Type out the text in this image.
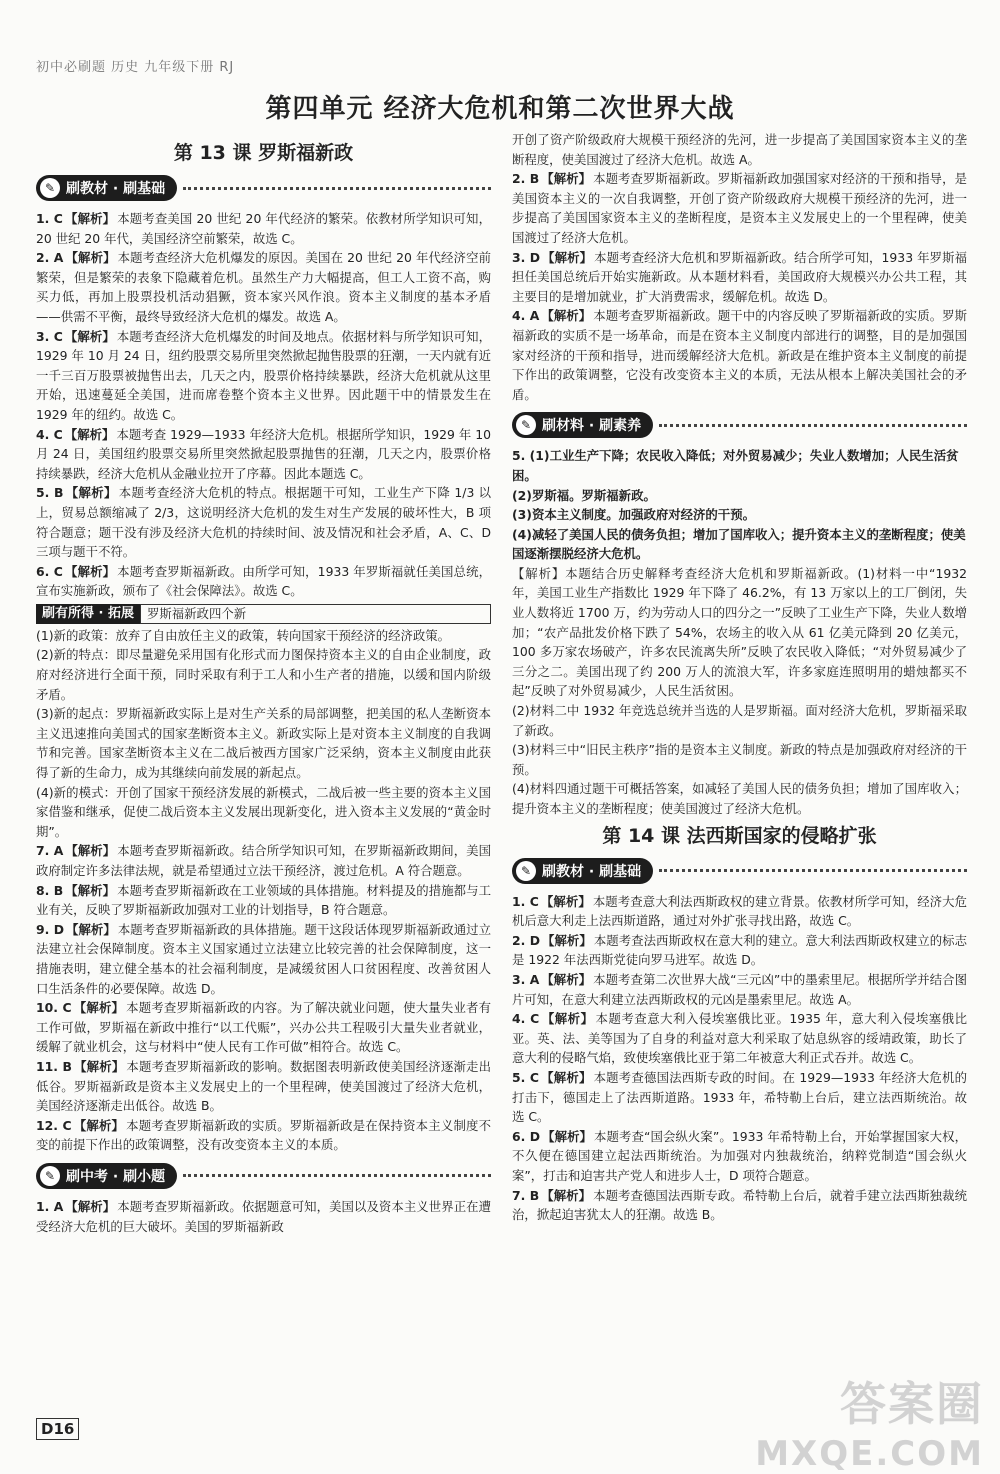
初中必刷题 历史 九年级下册 RJ
第四单元 经济大危机和第二次世界大战
第 13 课 罗斯福新政
✎ 刷教材 · 刷基础

1. C 【解析】 本题考查美国 20 世纪 20 年代经济的繁荣。依教材所学知识可知，20 世纪 20 年代，美国经济空前繁荣，故选 C。

2. A 【解析】 本题考查经济大危机爆发的原因。美国在 20 世纪 20 年代经济空前繁荣，但是繁荣的表象下隐藏着危机。虽然生产力大幅提高，但工人工资不高，购买力低，再加上股票投机活动猖獗，资本家兴风作浪。资本主义制度的基本矛盾——供需不平衡，最终导致经济大危机的爆发。故选 A。

3. C 【解析】 本题考查经济大危机爆发的时间及地点。依据材料与所学知识可知，1929 年 10 月 24 日，纽约股票交易所里突然掀起抛售股票的狂潮，一天内就有近一千三百万股票被抛售出去，几天之内，股票价格持续暴跌，经济大危机就从这里开始，迅速蔓延全美国，进而席卷整个资本主义世界。因此题干中的情景发生在 1929 年的纽约。故选 C。

4. C 【解析】 本题考查 1929—1933 年经济大危机。根据所学知识，1929 年 10 月 24 日，美国纽约股票交易所里突然掀起股票抛售的狂潮，几天之内，股票价格持续暴跌，经济大危机从金融业拉开了序幕。因此本题选 C。

5. B 【解析】 本题考查经济大危机的特点。根据题干可知，工业生产下降 1/3 以上，贸易总额缩减了 2/3，这说明经济大危机的发生对生产发展的破坏性大，B 项符合题意；题干没有涉及经济大危机的持续时间、波及情况和社会矛盾，A、C、D 三项与题干不符。

6. C 【解析】 本题考查罗斯福新政。由所学可知，1933 年罗斯福就任美国总统，宣布实施新政，颁布了《社会保障法》。故选 C。

刷有所得 · 拓展	罗斯福新政四个新

(1)新的政策：放弃了自由放任主义的政策，转向国家干预经济的经济政策。

(2)新的特点：即尽量避免采用国有化形式而力图保持资本主义的自由企业制度，政府对经济进行全面干预，同时采取有利于工人和小生产者的措施，以缓和国内阶级矛盾。

(3)新的起点：罗斯福新政实际上是对生产关系的局部调整，把美国的私人垄断资本主义迅速推向美国式的国家垄断资本主义。新政实际上是对资本主义制度的自我调节和完善。国家垄断资本主义在二战后被西方国家广泛采纳，资本主义制度由此获得了新的生命力，成为其继续向前发展的新起点。

(4)新的模式：开创了国家干预经济发展的新模式，二战后被一些主要的资本主义国家借鉴和继承，促使二战后资本主义发展出现新变化，进入资本主义发展的“黄金时期”。

7. A 【解析】 本题考查罗斯福新政。结合所学知识可知，在罗斯福新政期间，美国政府制定许多法律法规，就是希望通过立法干预经济，渡过危机。A 符合题意。

8. B 【解析】 本题考查罗斯福新政在工业领域的具体措施。材料提及的措施都与工业有关，反映了罗斯福新政加强对工业的计划指导，B 符合题意。

9. D 【解析】 本题考查罗斯福新政的具体措施。题干这段话体现罗斯福新政通过立法建立社会保障制度。资本主义国家通过立法建立比较完善的社会保障制度，这一措施表明，建立健全基本的社会福利制度，是减缓贫困人口贫困程度、改善贫困人口生活条件的必要保障。故选 D。

10. C 【解析】 本题考查罗斯福新政的内容。为了解决就业问题，使大量失业者有工作可做，罗斯福在新政中推行“以工代赈”，兴办公共工程吸引大量失业者就业，缓解了就业机会，这与材料中“使人民有工作可做”相符合。故选 C。

11. B 【解析】 本题考查罗斯福新政的影响。数据图表明新政使美国经济逐渐走出低谷。罗斯福新政是资本主义发展史上的一个里程碑，使美国渡过了经济大危机，美国经济逐渐走出低谷。故选 B。

12. C 【解析】 本题考查罗斯福新政的实质。罗斯福新政是在保持资本主义制度不变的前提下作出的政策调整，没有改变资本主义的本质。

✎ 刷中考 · 刷小题

1. A 【解析】 本题考查罗斯福新政。依据题意可知，美国以及资本主义世界正在遭受经济大危机的巨大破坏。美国的罗斯福新政

开创了资产阶级政府大规模干预经济的先河，进一步提高了美国国家资本主义的垄断程度，使美国渡过了经济大危机。故选 A。

2. B 【解析】 本题考查罗斯福新政。罗斯福新政加强国家对经济的干预和指导，是美国资本主义的一次自我调整，开创了资产阶级政府大规模干预经济的先河，进一步提高了美国国家资本主义的垄断程度，是资本主义发展史上的一个里程碑，使美国渡过了经济大危机。

3. D 【解析】 本题考查经济大危机和罗斯福新政。结合所学可知，1933 年罗斯福担任美国总统后开始实施新政。从本题材料看，美国政府大规模兴办公共工程，其主要目的是增加就业，扩大消费需求，缓解危机。故选 D。

4. A 【解析】 本题考查罗斯福新政。题干中的内容反映了罗斯福新政的实质。罗斯福新政的实质不是一场革命，而是在资本主义制度内部进行的调整，目的是加强国家对经济的干预和指导，进而缓解经济大危机。新政是在维护资本主义制度的前提下作出的政策调整，它没有改变资本主义的本质，无法从根本上解决美国社会的矛盾。

✎ 刷材料 · 刷素养

5. (1)工业生产下降；农民收入降低；对外贸易减少；失业人数增加；人民生活贫困。

(2)罗斯福。罗斯福新政。

(3)资本主义制度。加强政府对经济的干预。

(4)减轻了美国人民的债务负担；增加了国库收入；提升资本主义的垄断程度；使美国逐渐摆脱经济大危机。

【解析】本题结合历史解释考查经济大危机和罗斯福新政。(1)材料一中“1932 年，美国工业生产指数比 1929 年下降了 46.2%，有 13 万家以上的工厂倒闭，失业人数将近 1700 万，约为劳动人口的四分之一”反映了工业生产下降，失业人数增加；“农产品批发价格下跌了 54%，农场主的收入从 61 亿美元降到 20 亿美元，100 多万家农场破产，许多农民流离失所”反映了农民收入降低；“对外贸易减少了三分之二。美国出现了约 200 万人的流浪大军，许多家庭连照明用的蜡烛都买不起”反映了对外贸易减少，人民生活贫困。

(2)材料二中 1932 年竞选总统并当选的人是罗斯福。面对经济大危机，罗斯福采取了新政。

(3)材料三中“旧民主秩序”指的是资本主义制度。新政的特点是加强政府对经济的干预。

(4)材料四通过题干可概括答案，如减轻了美国人民的债务负担；增加了国库收入；提升资本主义的垄断程度；使美国渡过了经济大危机。

第 14 课 法西斯国家的侵略扩张
✎ 刷教材 · 刷基础

1. C 【解析】 本题考查意大利法西斯政权的建立背景。依教材所学可知，经济大危机后意大利走上法西斯道路，通过对外扩张寻找出路，故选 C。

2. D 【解析】 本题考查法西斯政权在意大利的建立。意大利法西斯政权建立的标志是 1922 年法西斯党徒向罗马进军。故选 D。

3. A 【解析】 本题考查第二次世界大战“三元凶”中的墨索里尼。根据所学并结合图片可知，在意大利建立法西斯政权的元凶是墨索里尼。故选 A。

4. C 【解析】 本题考查意大利入侵埃塞俄比亚。1935 年，意大利入侵埃塞俄比亚。英、法、美等国为了自身的利益对意大利采取了姑息纵容的绥靖政策，助长了意大利的侵略气焰，致使埃塞俄比亚于第二年被意大利正式吞并。故选 C。

5. C 【解析】 本题考查德国法西斯专政的时间。在 1929—1933 年经济大危机的打击下，德国走上了法西斯道路。1933 年，希特勒上台后，建立法西斯统治。故选 C。

6. D 【解析】 本题考查“国会纵火案”。1933 年希特勒上台，开始掌握国家大权，不久便在德国建立起法西斯统治。为加强对内独裁统治，纳粹党制造“国会纵火案”，打击和迫害共产党人和进步人士，D 项符合题意。

7. B 【解析】 本题考查德国法西斯专政。希特勒上台后，就着手建立法西斯独裁统治，掀起迫害犹太人的狂潮。故选 B。

D16	答案圈
MXQE.COM
